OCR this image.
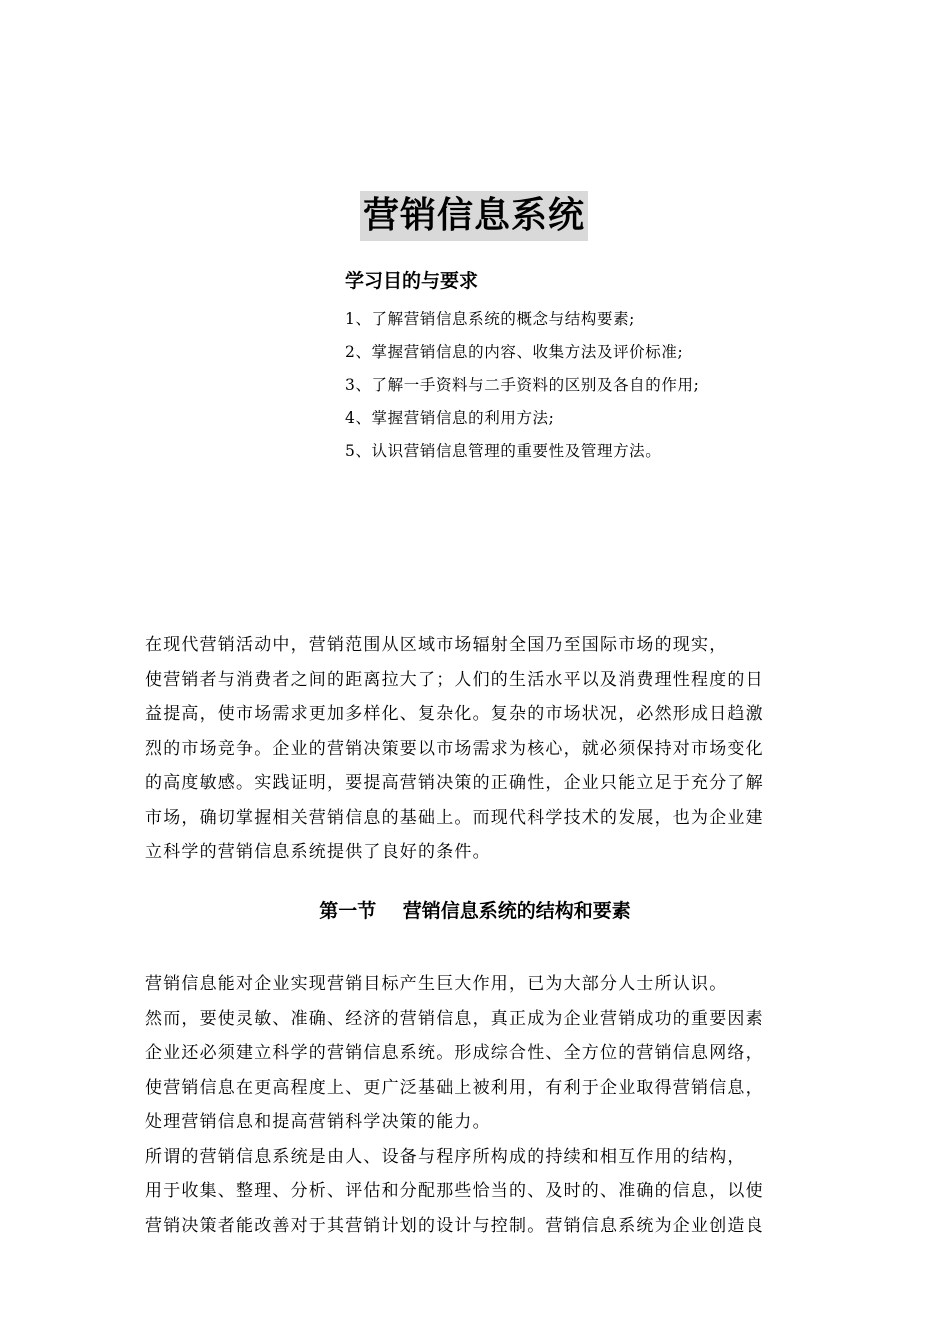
营销信息系统
学习目的与要求
1、了解营销信息系统的概念与结构要素;
2、掌握营销信息的内容、收集方法及评价标准;
3、了解一手资料与二手资料的区别及各自的作用;
4、掌握营销信息的利用方法;
5、认识营销信息管理的重要性及管理方法。
在现代营销活动中，营销范围从区域市场辐射全国乃至国际市场的现实，
使营销者与消费者之间的距离拉大了；人们的生活水平以及消费理性程度的日
益提高，使市场需求更加多样化、复杂化。复杂的市场状况，必然形成日趋激
烈的市场竞争。企业的营销决策要以市场需求为核心，就必须保持对市场变化
的高度敏感。实践证明，要提高营销决策的正确性，企业只能立足于充分了解
市场，确切掌握相关营销信息的基础上。而现代科学技术的发展，也为企业建
立科学的营销信息系统提供了良好的条件。
第一节    营销信息系统的结构和要素
营销信息能对企业实现营销目标产生巨大作用，已为大部分人士所认识。
然而，要使灵敏、准确、经济的营销信息，真正成为企业营销成功的重要因素
企业还必须建立科学的营销信息系统。形成综合性、全方位的营销信息网络，
使营销信息在更高程度上、更广泛基础上被利用，有利于企业取得营销信息，
处理营销信息和提高营销科学决策的能力。
所谓的营销信息系统是由人、设备与程序所构成的持续和相互作用的结构，
用于收集、整理、分析、评估和分配那些恰当的、及时的、准确的信息，以使
营销决策者能改善对于其营销计划的设计与控制。营销信息系统为企业创造良
